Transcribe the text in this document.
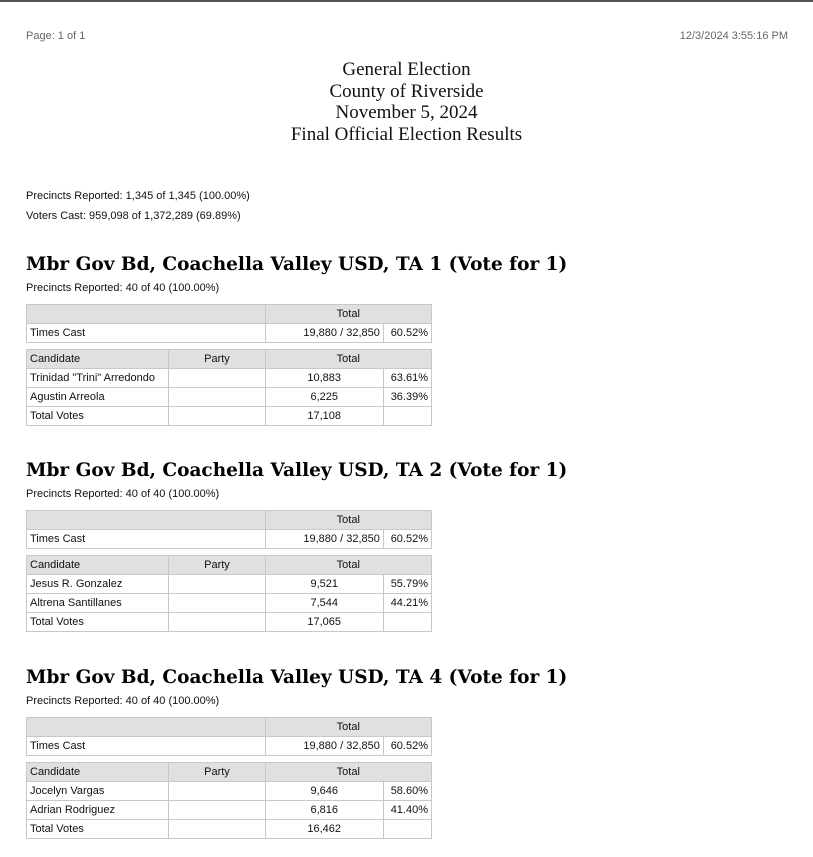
Page: 1 of 1	12/3/2024 3:55:16 PM
General Election
County of Riverside
November 5, 2024
Final Official Election Results
Precincts Reported: 1,345 of 1,345 (100.00%)
Voters Cast: 959,098 of 1,372,289 (69.89%)
Mbr Gov Bd, Coachella Valley USD, TA 1 (Vote for 1)
Precincts Reported: 40 of 40 (100.00%)
	Total	
Times Cast	19,880 / 32,850	60.52%
Candidate	Party	Total	
Trinidad "Trini" Arredondo		10,883	63.61%
Agustin Arreola		6,225	36.39%
Total Votes		17,108	
Mbr Gov Bd, Coachella Valley USD, TA 2 (Vote for 1)
Precincts Reported: 40 of 40 (100.00%)
	Total	
Times Cast	19,880 / 32,850	60.52%
Candidate	Party	Total	
Jesus R. Gonzalez		9,521	55.79%
Altrena Santillanes		7,544	44.21%
Total Votes		17,065	
Mbr Gov Bd, Coachella Valley USD, TA 4 (Vote for 1)
Precincts Reported: 40 of 40 (100.00%)
	Total	
Times Cast	19,880 / 32,850	60.52%
Candidate	Party	Total	
Jocelyn Vargas		9,646	58.60%
Adrian Rodriguez		6,816	41.40%
Total Votes		16,462	
